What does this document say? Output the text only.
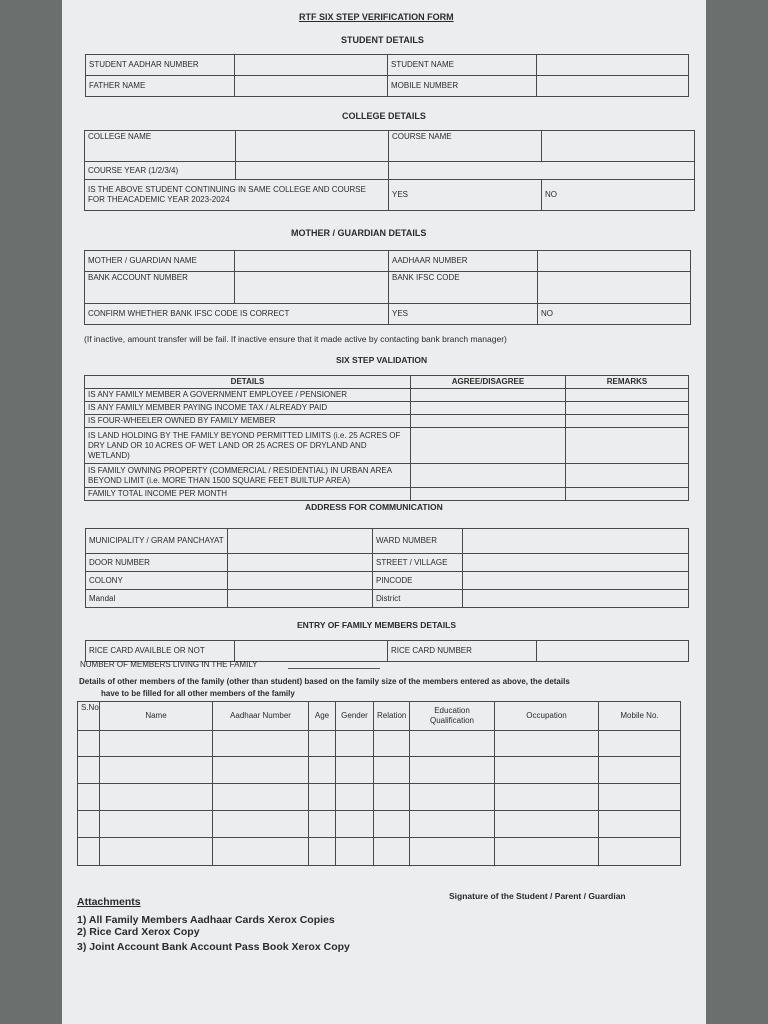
RTF SIX STEP VERIFICATION FORM
STUDENT DETAILS
STUDENT AADHAR NUMBER		STUDENT NAME	
FATHER NAME		MOBILE NUMBER	
COLLEGE DETAILS
COLLEGE NAME		COURSE NAME	
COURSE YEAR (1/2/3/4)			
IS THE ABOVE STUDENT CONTINUING IN SAME COLLEGE AND COURSE FOR THEACADEMIC YEAR 2023-2024		YES	NO
MOTHER / GUARDIAN DETAILS
MOTHER / GUARDIAN NAME		AADHAAR NUMBER	
BANK ACCOUNT NUMBER		BANK IFSC CODE	
CONFIRM WHETHER BANK IFSC CODE IS CORRECT		YES	NO
(If inactive, amount transfer will be fail. If inactive ensure that it made active by contacting bank branch manager)
SIX STEP VALIDATION
DETAILS	AGREE/DISAGREE	REMARKS
IS ANY FAMILY MEMBER A GOVERNMENT EMPLOYEE / PENSIONER		
IS ANY FAMILY MEMBER PAYING INCOME TAX / ALREADY PAID		
IS FOUR-WHEELER OWNED BY FAMILY MEMBER		
IS LAND HOLDING BY THE FAMILY BEYOND PERMITTED LIMITS (i.e. 25 ACRES OF DRY LAND OR 10 ACRES OF WET LAND OR 25 ACRES OF DRYLAND AND WETLAND)		
IS FAMILY OWNING PROPERTY (COMMERCIAL / RESIDENTIAL) IN URBAN AREA BEYOND LIMIT (i.e. MORE THAN 1500 SQUARE FEET BUILTUP AREA)		
FAMILY TOTAL INCOME PER MONTH		
ADDRESS FOR COMMUNICATION
MUNICIPALITY / GRAM PANCHAYAT		WARD NUMBER	
DOOR NUMBER		STREET / VILLAGE	
COLONY		PINCODE	
Mandal		District	
ENTRY OF FAMILY MEMBERS DETAILS
RICE CARD AVAILBLE OR NOT		RICE CARD NUMBER	
NUMBER OF MEMBERS LIVING IN THE FAMILY
Details of other members of the family (other than student) based on the family size of the members entered as above, the details
have to be filled for all other members of the family
S.No	Name	Aadhaar Number	Age	Gender	Relation	Education Qualification	Occupation	Mobile No.

Signature of the Student / Parent / Guardian
Attachments
1) All Family Members Aadhaar Cards Xerox Copies
2) Rice Card Xerox Copy
3) Joint Account Bank Account Pass Book Xerox Copy
